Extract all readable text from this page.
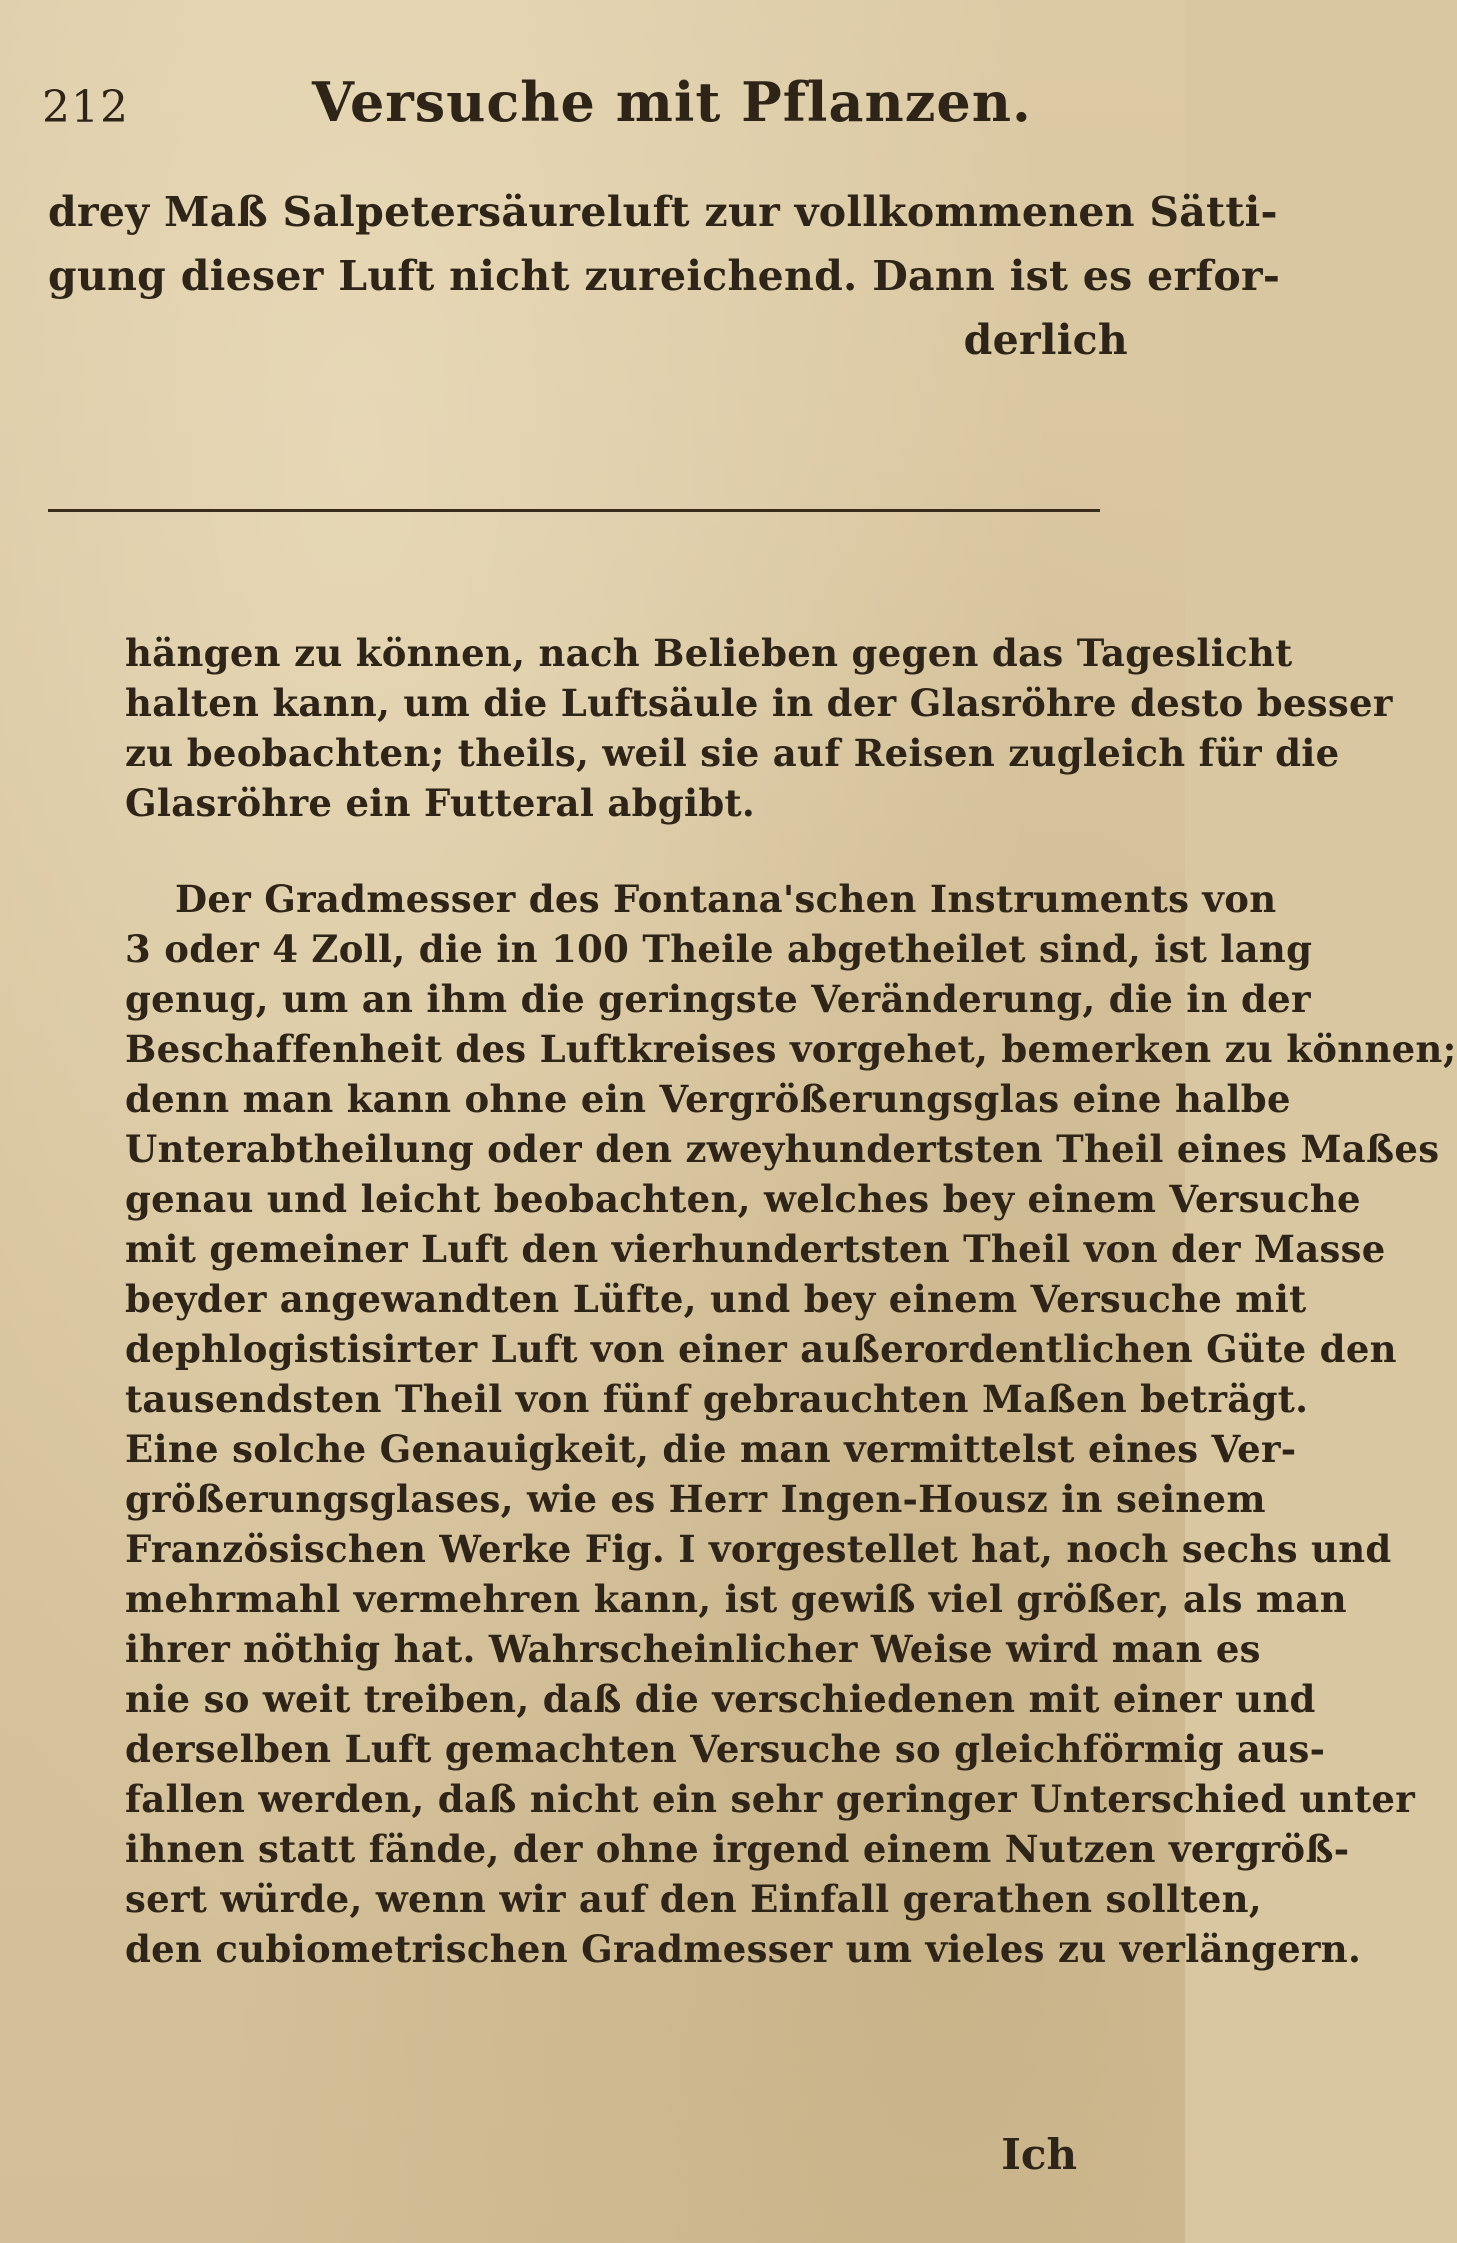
212	Versuche mit Pflanzen.
drey Maß Salpetersäureluft zur vollkommenen Sätti-
gung dieser Luft nicht zureichend. Dann ist es erfor-
derlich
hängen zu können, nach Belieben gegen das Tageslicht
halten kann, um die Luftsäule in der Glasröhre desto besser
zu beobachten; theils, weil sie auf Reisen zugleich für die
Glasröhre ein Futteral abgibt.
Der Gradmesser des Fontana'schen Instruments von
3 oder 4 Zoll, die in 100 Theile abgetheilet sind, ist lang
genug, um an ihm die geringste Veränderung, die in der
Beschaffenheit des Luftkreises vorgehet, bemerken zu können;
denn man kann ohne ein Vergrößerungsglas eine halbe
Unterabtheilung oder den zweyhundertsten Theil eines Maßes
genau und leicht beobachten, welches bey einem Versuche
mit gemeiner Luft den vierhundertsten Theil von der Masse
beyder angewandten Lüfte, und bey einem Versuche mit
dephlogistisirter Luft von einer außerordentlichen Güte den
tausendsten Theil von fünf gebrauchten Maßen beträgt.
Eine solche Genauigkeit, die man vermittelst eines Ver-
größerungsglases, wie es Herr Ingen-Housz in seinem
Französischen Werke Fig. I vorgestellet hat, noch sechs und
mehrmahl vermehren kann, ist gewiß viel größer, als man
ihrer nöthig hat. Wahrscheinlicher Weise wird man es
nie so weit treiben, daß die verschiedenen mit einer und
derselben Luft gemachten Versuche so gleichförmig aus-
fallen werden, daß nicht ein sehr geringer Unterschied unter
ihnen statt fände, der ohne irgend einem Nutzen vergröß-
sert würde, wenn wir auf den Einfall gerathen sollten,
den cubiometrischen Gradmesser um vieles zu verlängern.
Ich
